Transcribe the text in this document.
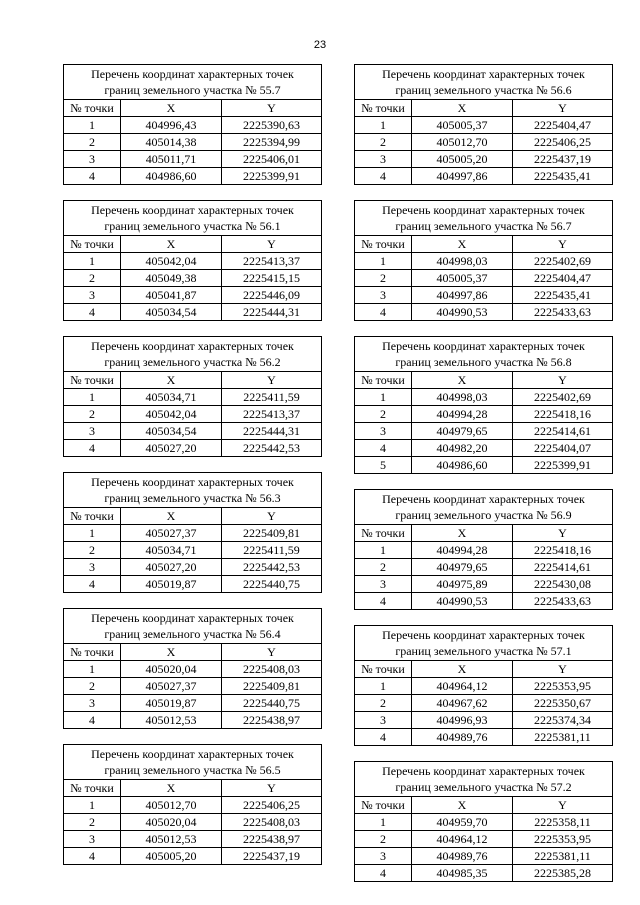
23
Перечень координат характерных точек
границ земельного участка № 55.7		

№ точки	X	Y
1	404996,43	2225390,63
2	405014,38	2225394,99
3	405011,71	2225406,01
4	404986,60	2225399,91
Перечень координат характерных точек
границ земельного участка № 56.1		

№ точки	X	Y
1	405042,04	2225413,37
2	405049,38	2225415,15
3	405041,87	2225446,09
4	405034,54	2225444,31
Перечень координат характерных точек
границ земельного участка № 56.2		

№ точки	X	Y
1	405034,71	2225411,59
2	405042,04	2225413,37
3	405034,54	2225444,31
4	405027,20	2225442,53
Перечень координат характерных точек
границ земельного участка № 56.3		

№ точки	X	Y
1	405027,37	2225409,81
2	405034,71	2225411,59
3	405027,20	2225442,53
4	405019,87	2225440,75
Перечень координат характерных точек
границ земельного участка № 56.4		

№ точки	X	Y
1	405020,04	2225408,03
2	405027,37	2225409,81
3	405019,87	2225440,75
4	405012,53	2225438,97
Перечень координат характерных точек
границ земельного участка № 56.5		

№ точки	X	Y
1	405012,70	2225406,25
2	405020,04	2225408,03
3	405012,53	2225438,97
4	405005,20	2225437,19
Перечень координат характерных точек
границ земельного участка № 56.6		

№ точки	X	Y
1	405005,37	2225404,47
2	405012,70	2225406,25
3	405005,20	2225437,19
4	404997,86	2225435,41
Перечень координат характерных точек
границ земельного участка № 56.7		

№ точки	X	Y
1	404998,03	2225402,69
2	405005,37	2225404,47
3	404997,86	2225435,41
4	404990,53	2225433,63
Перечень координат характерных точек
границ земельного участка № 56.8		

№ точки	X	Y
1	404998,03	2225402,69
2	404994,28	2225418,16
3	404979,65	2225414,61
4	404982,20	2225404,07
5	404986,60	2225399,91
Перечень координат характерных точек
границ земельного участка № 56.9		

№ точки	X	Y
1	404994,28	2225418,16
2	404979,65	2225414,61
3	404975,89	2225430,08
4	404990,53	2225433,63
Перечень координат характерных точек
границ земельного участка № 57.1		

№ точки	X	Y
1	404964,12	2225353,95
2	404967,62	2225350,67
3	404996,93	2225374,34
4	404989,76	2225381,11
Перечень координат характерных точек
границ земельного участка № 57.2		

№ точки	X	Y
1	404959,70	2225358,11
2	404964,12	2225353,95
3	404989,76	2225381,11
4	404985,35	2225385,28
